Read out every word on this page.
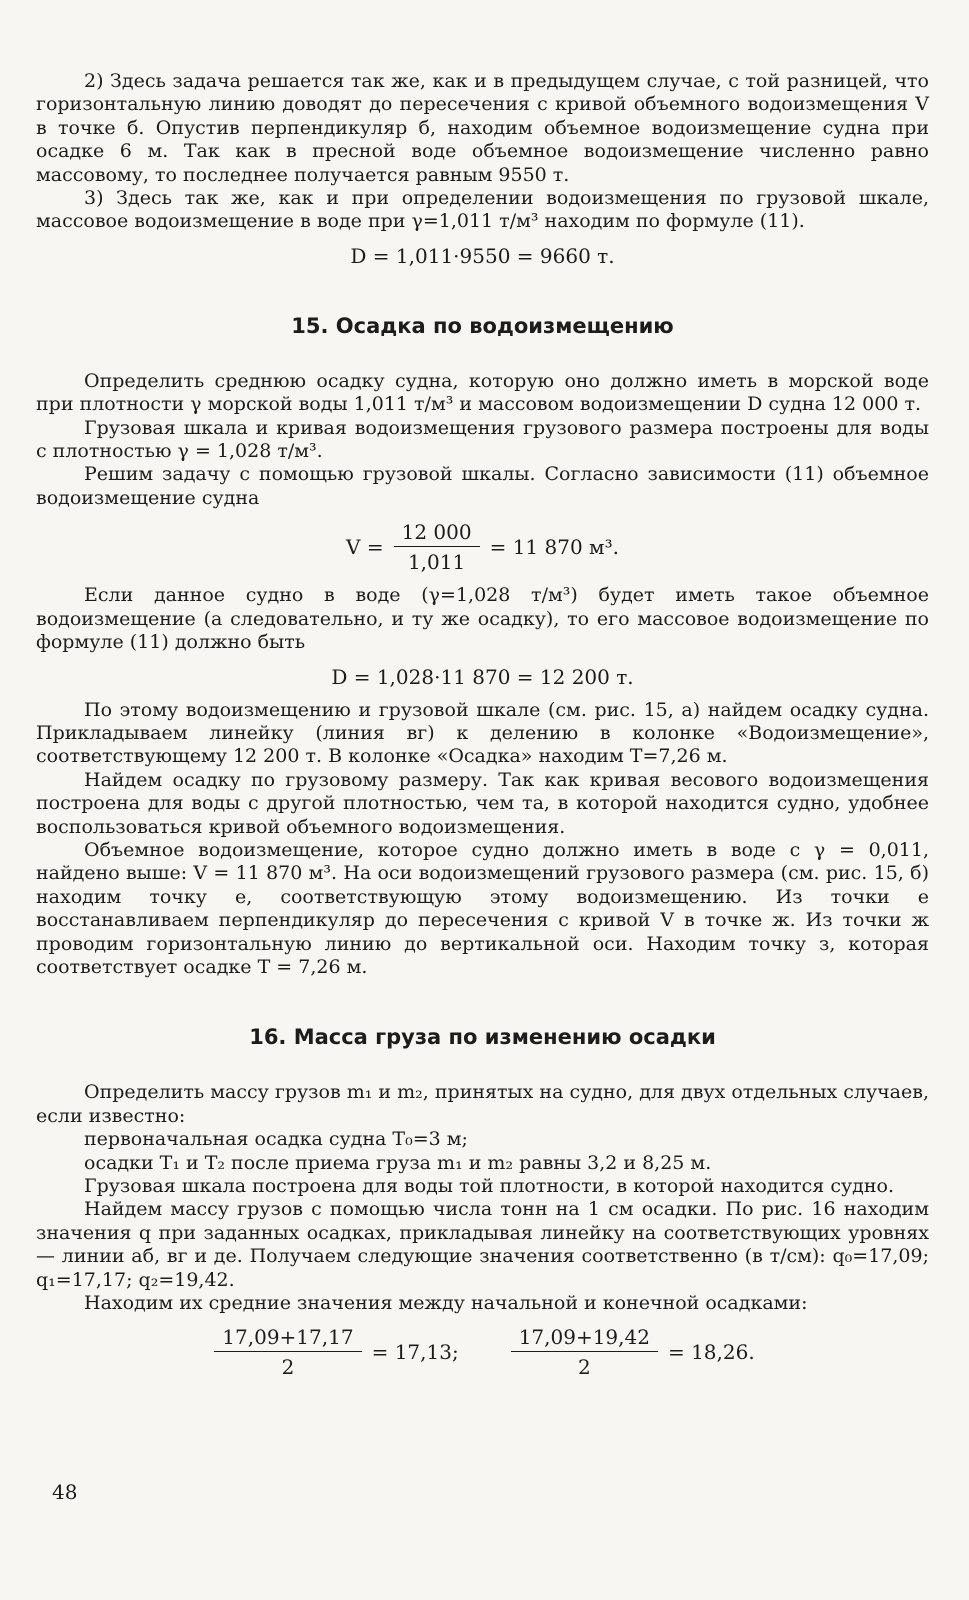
2) Здесь задача решается так же, как и в предыдущем случае, с той разницей, что горизонтальную линию доводят до пересечения с кривой объемного водоизмещения V в точке б. Опустив перпендикуляр б, находим объемное водоизмещение судна при осадке 6 м. Так как в пресной воде объемное водоизмещение численно равно массовому, то последнее получается равным 9550 т.

3) Здесь так же, как и при определении водоизмещения по грузовой шкале, массовое водоизмещение в воде при γ=1,011 т/м³ находим по формуле (11).

D = 1,011·9550 = 9660 т.
15. Осадка по водоизмещению

Определить среднюю осадку судна, которую оно должно иметь в морской воде при плотности γ морской воды 1,011 т/м³ и массовом водоизмещении D судна 12 000 т.

Грузовая шкала и кривая водоизмещения грузового размера построены для воды с плотностью γ = 1,028 т/м³.

Решим задачу с помощью грузовой шкалы. Согласно зависимости (11) объемное водоизмещение судна

$V = \frac{12 000}{1,011} = 11$ 870 м³.

Если данное судно в воде (γ=1,028 т/м³) будет иметь такое объемное водоизмещение (а следовательно, и ту же осадку), то его массовое водоизмещение по формуле (11) должно быть

D = 1,028·11 870 = 12 200 т.

По этому водоизмещению и грузовой шкале (см. рис. 15, а) найдем осадку судна. Прикладываем линейку (линия вг) к делению в колонке «Водоизмещение», соответствующему 12 200 т. В колонке «Осадка» находим T=7,26 м.

Найдем осадку по грузовому размеру. Так как кривая весового водоизмещения построена для воды с другой плотностью, чем та, в которой находится судно, удобнее воспользоваться кривой объемного водоизмещения.

Объемное водоизмещение, которое судно должно иметь в воде с γ = 0,011, найдено выше: V = 11 870 м³. На оси водоизмещений грузового размера (см. рис. 15, б) находим точку е, соответствующую этому водоизмещению. Из точки е восстанавливаем перпендикуляр до пересечения с кривой V в точке ж. Из точки ж проводим горизонтальную линию до вертикальной оси. Находим точку з, которая соответствует осадке T = 7,26 м.

16. Масса груза по изменению осадки

Определить массу грузов m₁ и m₂, принятых на судно, для двух отдельных случаев, если известно:

первоначальная осадка судна T₀=3 м;

осадки T₁ и T₂ после приема груза m₁ и m₂ равны 3,2 и 8,25 м.

Грузовая шкала построена для воды той плотности, в которой находится судно.

Найдем массу грузов с помощью числа тонн на 1 см осадки. По рис. 16 находим значения q при заданных осадках, прикладывая линейку на соответствующих уровнях — линии аб, вг и де. Получаем следующие значения соответственно (в т/см): q₀=17,09; q₁=17,17; q₂=19,42.

Находим их средние значения между начальной и конечной осадками:

$\frac{17,09+17,17}{2} = 17,13$;	$\frac{17,09+19,42}{2} = 18,26$.
48
